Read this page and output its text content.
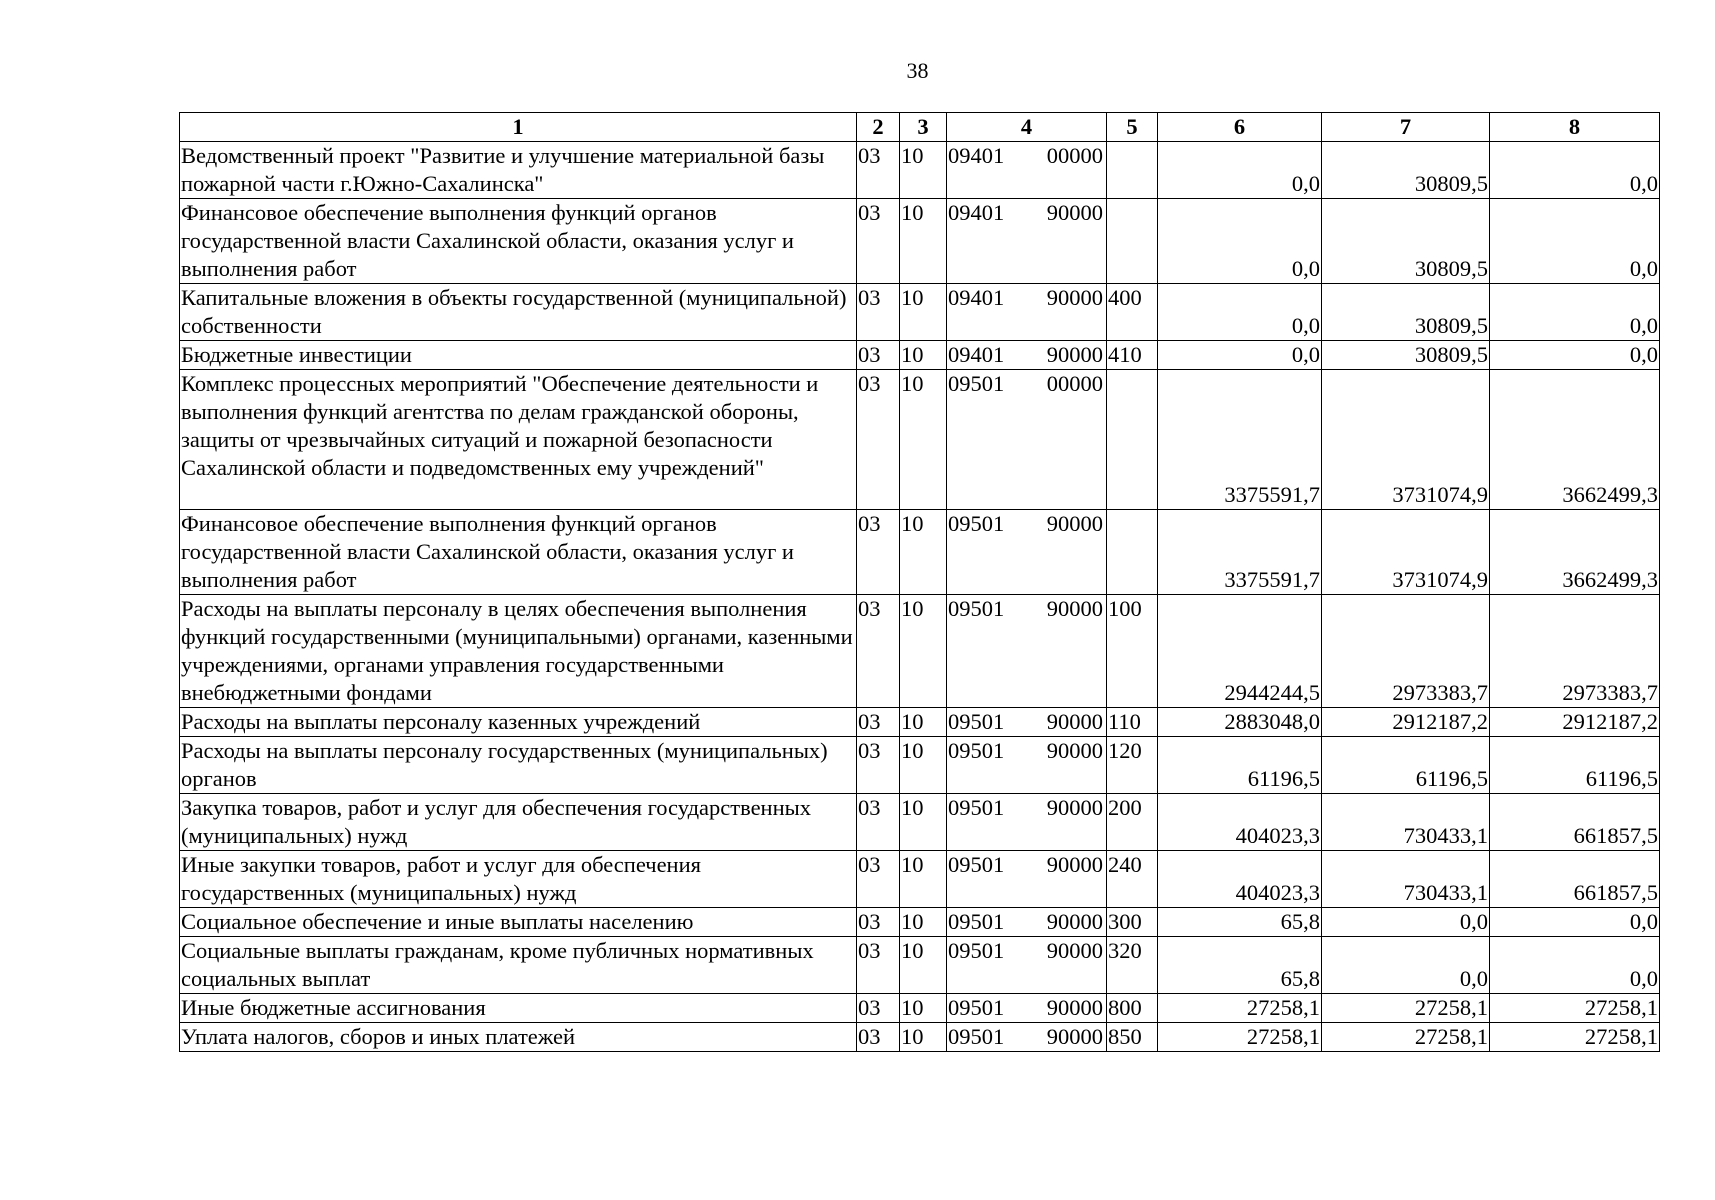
38
1	2	3	4	5	6	7	8
Ведомственный проект "Развитие и улучшение материальной базы пожарной части г.Южно-Сахалинска"	03	10	09401 00000		0,0	30809,5	0,0
Финансовое обеспечение выполнения функций органов государственной власти Сахалинской области, оказания услуг и выполнения работ	03	10	09401 90000		0,0	30809,5	0,0
Капитальные вложения в объекты государственной (муниципальной) собственности	03	10	09401 90000	400	0,0	30809,5	0,0
Бюджетные инвестиции	03	10	09401 90000	410	0,0	30809,5	0,0
Комплекс процессных мероприятий "Обеспечение деятельности и выполнения функций агентства по делам гражданской обороны, защиты от чрезвычайных ситуаций и пожарной безопасности Сахалинской области и подведомственных ему учреждений"	03	10	09501 00000		3375591,7	3731074,9	3662499,3
Финансовое обеспечение выполнения функций органов государственной власти Сахалинской области, оказания услуг и выполнения работ	03	10	09501 90000		3375591,7	3731074,9	3662499,3
Расходы на выплаты персоналу в целях обеспечения выполнения функций государственными (муниципальными) органами, казенными учреждениями, органами управления государственными внебюджетными фондами	03	10	09501 90000	100	2944244,5	2973383,7	2973383,7
Расходы на выплаты персоналу казенных учреждений	03	10	09501 90000	110	2883048,0	2912187,2	2912187,2
Расходы на выплаты персоналу государственных (муниципальных) органов	03	10	09501 90000	120	61196,5	61196,5	61196,5
Закупка товаров, работ и услуг для обеспечения государственных (муниципальных) нужд	03	10	09501 90000	200	404023,3	730433,1	661857,5
Иные закупки товаров, работ и услуг для обеспечения государственных (муниципальных) нужд	03	10	09501 90000	240	404023,3	730433,1	661857,5
Социальное обеспечение и иные выплаты населению	03	10	09501 90000	300	65,8	0,0	0,0
Социальные выплаты гражданам, кроме публичных нормативных социальных выплат	03	10	09501 90000	320	65,8	0,0	0,0
Иные бюджетные ассигнования	03	10	09501 90000	800	27258,1	27258,1	27258,1
Уплата налогов, сборов и иных платежей	03	10	09501 90000	850	27258,1	27258,1	27258,1
